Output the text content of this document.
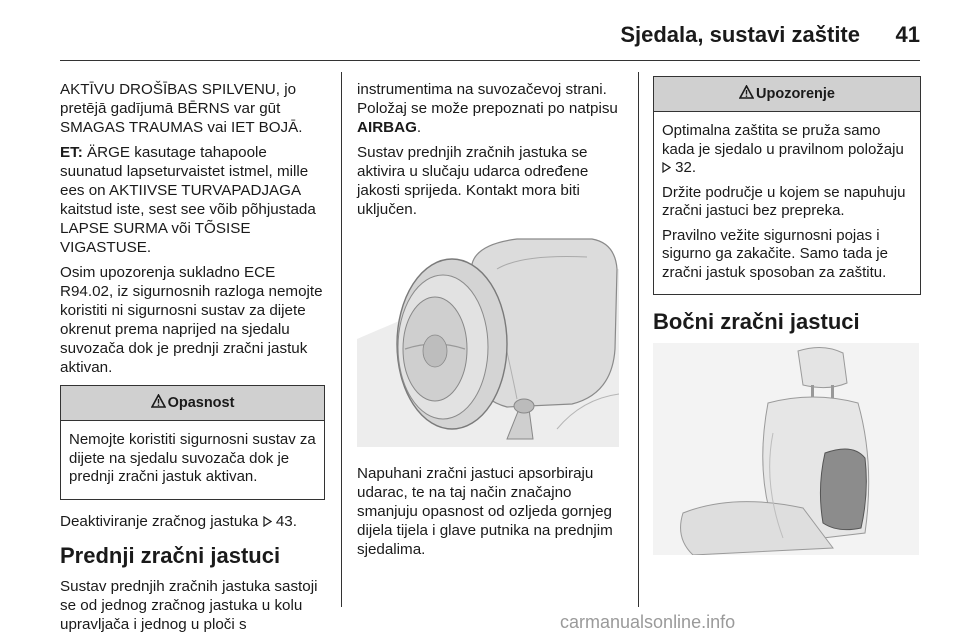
Sjedala, sustavi zaštite 41

AKTĪVU DROŠĪBAS SPILVENU, jo pretējā gadījumā BĒRNS var gūt SMAGAS TRAUMAS vai IET BOJĀ.

ET: ÄRGE kasutage tahapoole suunatud lapseturvaistet istmel, mille ees on AKTIIVSE TURVAPADJAGA kaitstud iste, sest see võib põhjustada LAPSE SURMA või TÕSISE VIGASTUSE.

Osim upozorenja sukladno ECE R94.02, iz sigurnosnih razloga nemojte koristiti ni sigurnosni sustav za dijete okrenut prema naprijed na sjedalu suvozača dok je prednji zračni jastuk aktivan.

Opasnost

Nemojte koristiti sigurnosni sustav za dijete na sjedalu suvozača dok je prednji zračni jastuk aktivan.

Deaktiviranje zračnog jastuka 43.

Prednji zračni jastuci

Sustav prednjih zračnih jastuka sastoji se od jednog zračnog jastuka u kolu upravljača i jednog u ploči s

instrumentima na suvozačevoj strani. Položaj se može prepoznati po natpisu AIRBAG.

Sustav prednjih zračnih jastuka se aktivira u slučaju udarca određene jakosti sprijeda. Kontakt mora biti uključen.

Napuhani zračni jastuci apsorbiraju udarac, te na taj način značajno smanjuju opasnost od ozljeda gornjeg dijela tijela i glave putnika na prednjim sjedalima.

Upozorenje

Optimalna zaštita se pruža samo kada je sjedalo u pravilnom položaju  32.

Držite područje u kojem se napuhuju zračni jastuci bez prepreka.

Pravilno vežite sigurnosni pojas i sigurno ga zakačite. Samo tada je zračni jastuk sposoban za zaštitu.

Bočni zračni jastuci
carmanualsonline.info
